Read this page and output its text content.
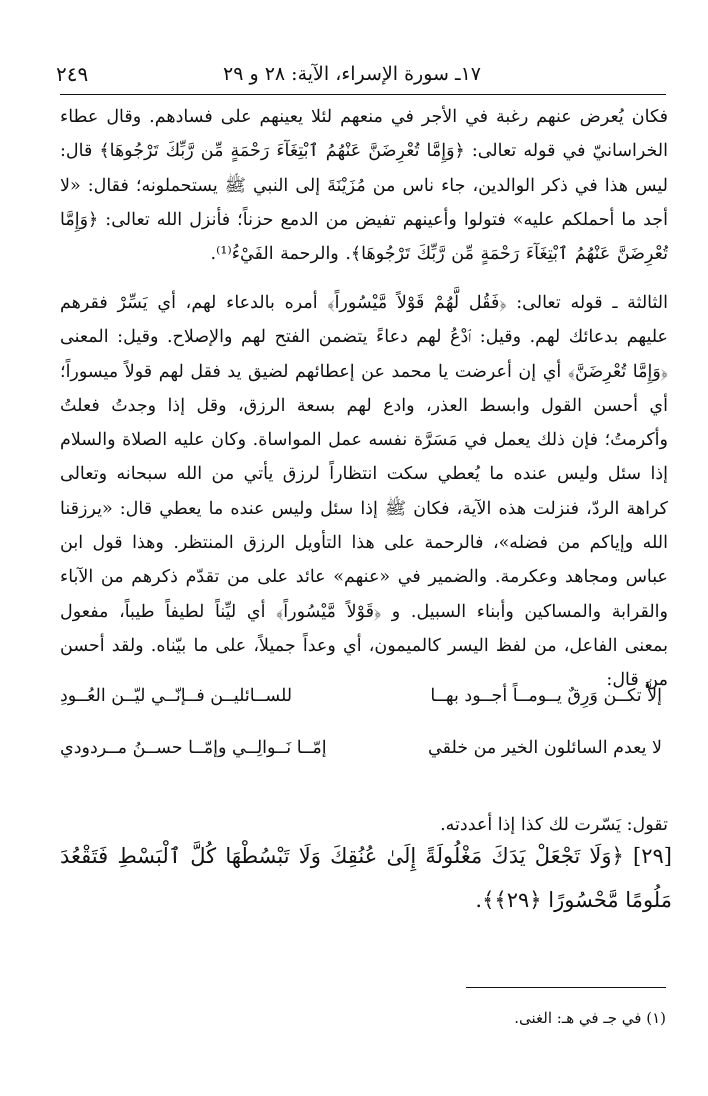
١٧ـ سورة الإسراء، الآية: ٢٨ و ٢٩
٢٤٩

فكان يُعرض عنهم رغبة في الأجر في منعهم لئلا يعينهم على فسادهم. وقال عطاء الخراسانيّ في قوله تعالى: ﴿وَإِمَّا تُعْرِضَنَّ عَنْهُمُ ٱبْتِغَآءَ رَحْمَةٍ مِّن رَّبِّكَ تَرْجُوهَا﴾ قال: ليس هذا في ذكر الوالدين، جاء ناس من مُزَيْنَةَ إلى النبي ﷺ يستحملونه؛ فقال: «لا أجد ما أحملكم عليه» فتولوا وأعينهم تفيض من الدمع حزناً؛ فأنزل الله تعالى: ﴿وَإِمَّا تُعْرِضَنَّ عَنْهُمُ ٱبْتِغَآءَ رَحْمَةٍ مِّن رَّبِّكَ تَرْجُوهَا﴾. والرحمة الفَيْءُ⁽¹⁾.

الثالثة ـ قوله تعالى: ﴿فَقُل لَّهُمْ قَوْلاً مَّيْسُوراً﴾ أمره بالدعاء لهم، أي يَسِّرْ فقرهم عليهم بدعائك لهم. وقيل: ٱدْعُ لهم دعاءً يتضمن الفتح لهم والإصلاح. وقيل: المعنى ﴿وَإِمَّا تُعْرِضَنَّ﴾ أي إن أعرضت يا محمد عن إعطائهم لضيق يد فقل لهم قولاً ميسوراً؛ أي أحسن القول وابسط العذر، وادع لهم بسعة الرزق، وقل إذا وجدتُ فعلتُ وأكرمتُ؛ فإن ذلك يعمل في مَسَرَّة نفسه عمل المواساة. وكان عليه الصلاة والسلام إذا سئل وليس عنده ما يُعطي سكت انتظاراً لرزق يأتي من الله سبحانه وتعالى كراهة الردّ، فنزلت هذه الآية، فكان ﷺ إذا سئل وليس عنده ما يعطي قال: «يرزقنا الله وإياكم من فضله»، فالرحمة على هذا التأويل الرزق المنتظر. وهذا قول ابن عباس ومجاهد وعكرمة. والضمير في «عنهم» عائد على من تقدّم ذكرهم من الآباء والقرابة والمساكين وأبناء السبيل. و ﴿قَوْلاً مَّيْسُوراً﴾ أي ليِّناً لطيفاً طيباً، مفعول بمعنى الفاعل، من لفظ اليسر كالميمون، أي وعداً جميلاً، على ما بيّناه. ولقد أحسن من قال:

إلاَّ تكــن وَرِقٌ يــومــاً أجــود بهــا
للســائليــن فــإنّــي ليّــن العُــودِ
لا يعدم السائلون الخير من خلقي
إمّــا نَــوالِــي وإمّــا حســنُ مــردودي
تقول: يَسّرت لك كذا إذا أعددته.
[٢٩] ﴿وَلَا تَجْعَلْ يَدَكَ مَغْلُولَةً إِلَىٰ عُنُقِكَ وَلَا تَبْسُطْهَا كُلَّ ٱلْبَسْطِ فَتَقْعُدَ مَلُومًا مَّحْسُورًا ﴿٢٩﴾﴾.
(١) في جـ في هـ: الغنى.
